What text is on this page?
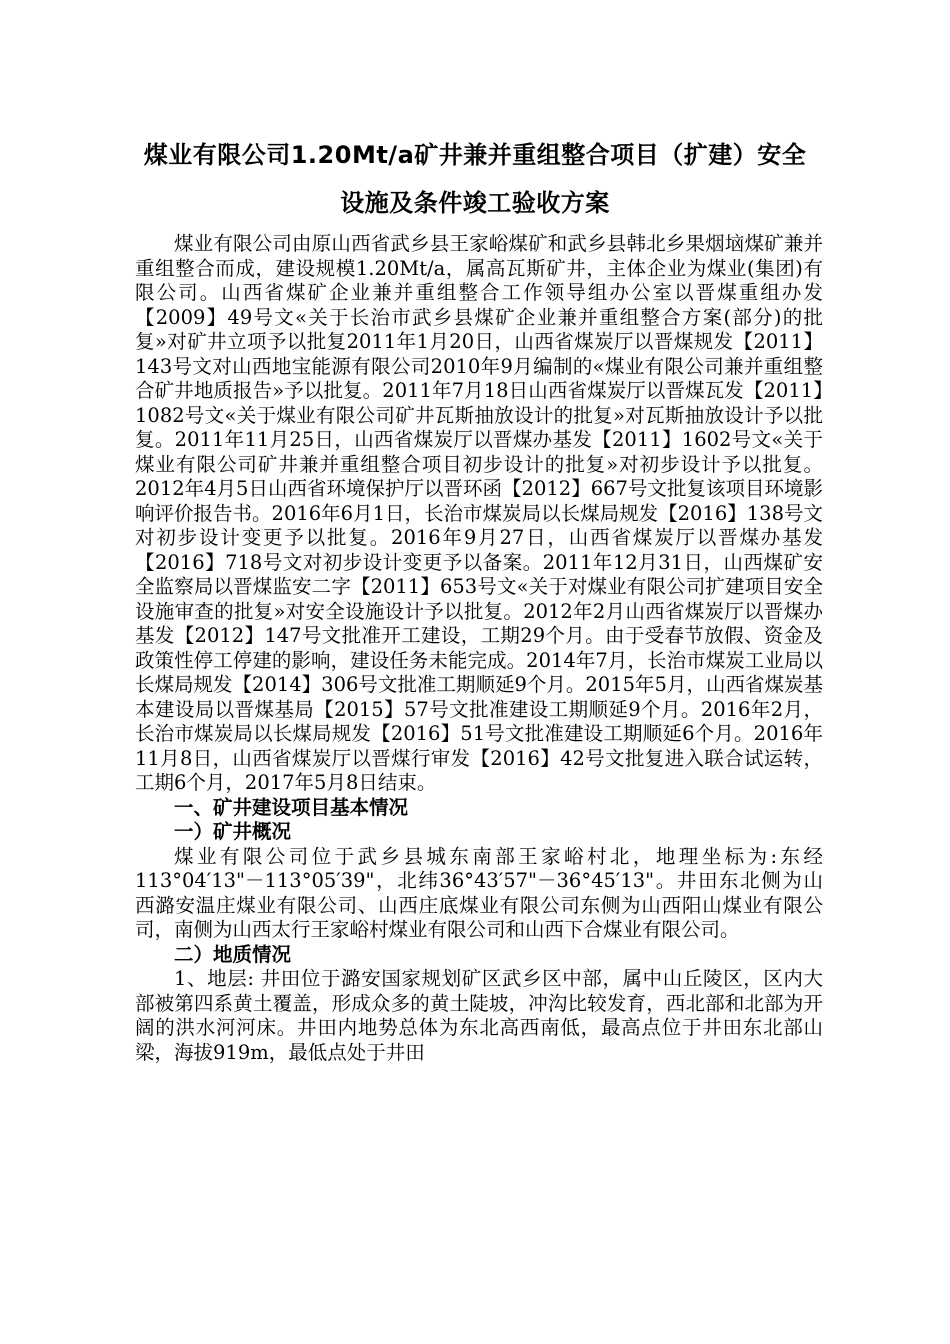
煤业有限公司1.20Mt/a矿井兼并重组整合项目（扩建）安全
设施及条件竣工验收方案

煤业有限公司由原山西省武乡县王家峪煤矿和武乡县韩北乡果烟垴煤矿兼并重组整合而成，建设规模1.20Mt/a，属高瓦斯矿井，主体企业为煤业(集团)有限公司。山西省煤矿企业兼并重组整合工作领导组办公室以晋煤重组办发【2009】49号文«关于长治市武乡县煤矿企业兼并重组整合方案(部分)的批复»对矿井立项予以批复2011年1月20日，山西省煤炭厅以晋煤规发【2011】143号文对山西地宝能源有限公司2010年9月编制的«煤业有限公司兼并重组整合矿井地质报告»予以批复。2011年7月18日山西省煤炭厅以晋煤瓦发【2011】1082号文«关于煤业有限公司矿井瓦斯抽放设计的批复»对瓦斯抽放设计予以批复。2011年11月25日，山西省煤炭厅以晋煤办基发【2011】1602号文«关于煤业有限公司矿井兼并重组整合项目初步设计的批复»对初步设计予以批复。2012年4月5日山西省环境保护厅以晋环函【2012】667号文批复该项目环境影响评价报告书。2016年6月1日，长治市煤炭局以长煤局规发【2016】138号文对初步设计变更予以批复。2016年9月27日，山西省煤炭厅以晋煤办基发【2016】718号文对初步设计变更予以备案。2011年12月31日，山西煤矿安全监察局以晋煤监安二字【2011】653号文«关于对煤业有限公司扩建项目安全设施审查的批复»对安全设施设计予以批复。2012年2月山西省煤炭厅以晋煤办基发【2012】147号文批准开工建设，工期29个月。由于受春节放假、资金及政策性停工停建的影响，建设任务未能完成。2014年7月，长治市煤炭工业局以长煤局规发【2014】306号文批准工期顺延9个月。2015年5月，山西省煤炭基本建设局以晋煤基局【2015】57号文批准建设工期顺延9个月。2016年2月，长治市煤炭局以长煤局规发【2016】51号文批准建设工期顺延6个月。2016年11月8日，山西省煤炭厅以晋煤行审发【2016】42号文批复进入联合试运转，工期6个月，2017年5月8日结束。

一、矿井建设项目基本情况
一）矿井概况

煤业有限公司位于武乡县城东南部王家峪村北，地理坐标为:东经113°04′13"－113°05′39"，北纬36°43′57"－36°45′13"。井田东北侧为山西潞安温庄煤业有限公司、山西庄底煤业有限公司东侧为山西阳山煤业有限公司，南侧为山西太行王家峪村煤业有限公司和山西下合煤业有限公司。

二）地质情况

1、地层: 井田位于潞安国家规划矿区武乡区中部，属中山丘陵区，区内大部被第四系黄土覆盖，形成众多的黄土陡坡，冲沟比较发育，西北部和北部为开阔的洪水河河床。井田内地势总体为东北高西南低，最高点位于井田东北部山梁，海拔919m，最低点处于井田
